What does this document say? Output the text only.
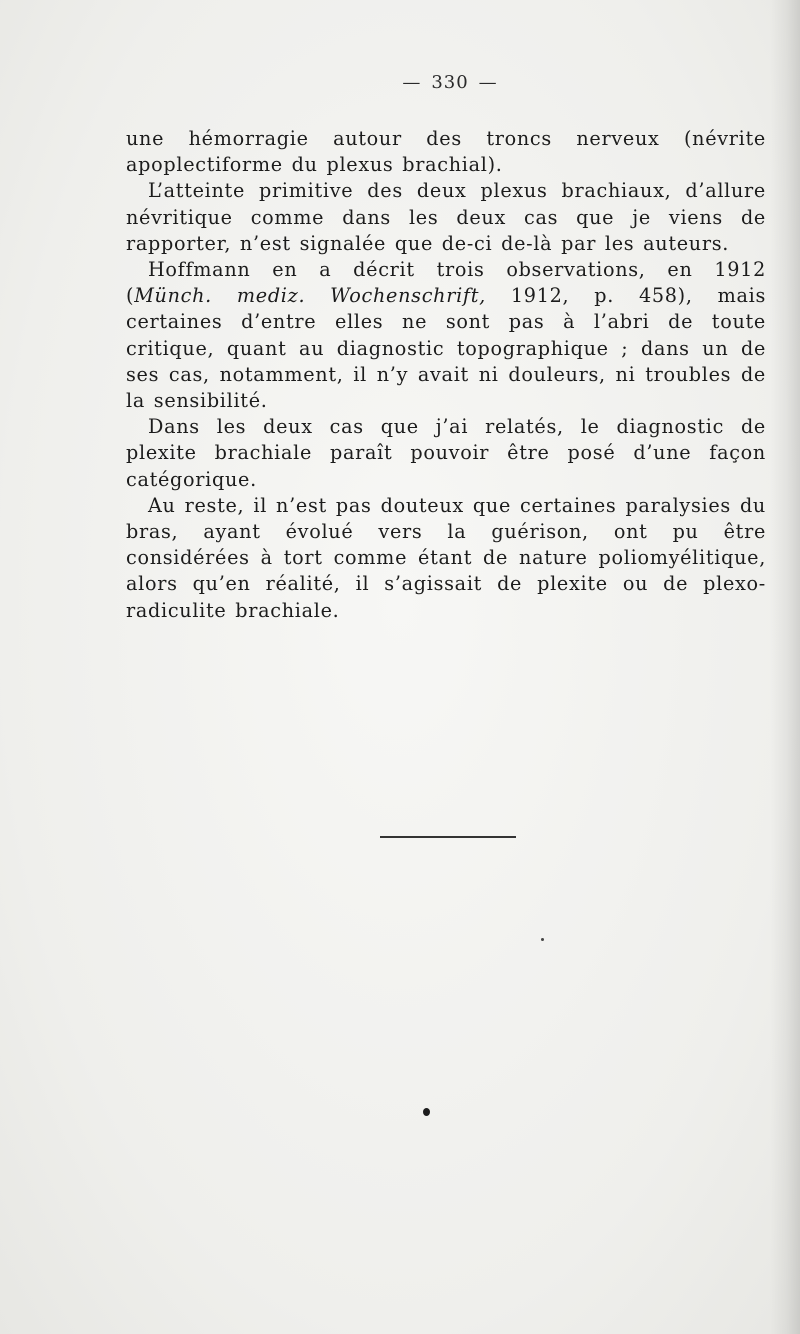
— 330 —

une hémorragie autour des troncs nerveux (névrite apoplectiforme du plexus brachial).

L’atteinte primitive des deux plexus brachiaux, d’allure névritique comme dans les deux cas que je viens de rapporter, n’est signalée que de-ci de-là par les auteurs.

Hoffmann en a décrit trois observations, en 1912 (Münch. mediz. Wochenschrift, 1912, p. 458), mais certaines d’entre elles ne sont pas à l’abri de toute critique, quant au diagnostic topographique ; dans un de ses cas, notamment, il n’y avait ni douleurs, ni troubles de la sensibilité.

Dans les deux cas que j’ai relatés, le diagnostic de plexite brachiale paraît pouvoir être posé d’une façon catégorique.

Au reste, il n’est pas douteux que certaines paralysies du bras, ayant évolué vers la guérison, ont pu être considérées à tort comme étant de nature poliomyélitique, alors qu’en réalité, il s’agissait de plexite ou de plexo-radiculite brachiale.
